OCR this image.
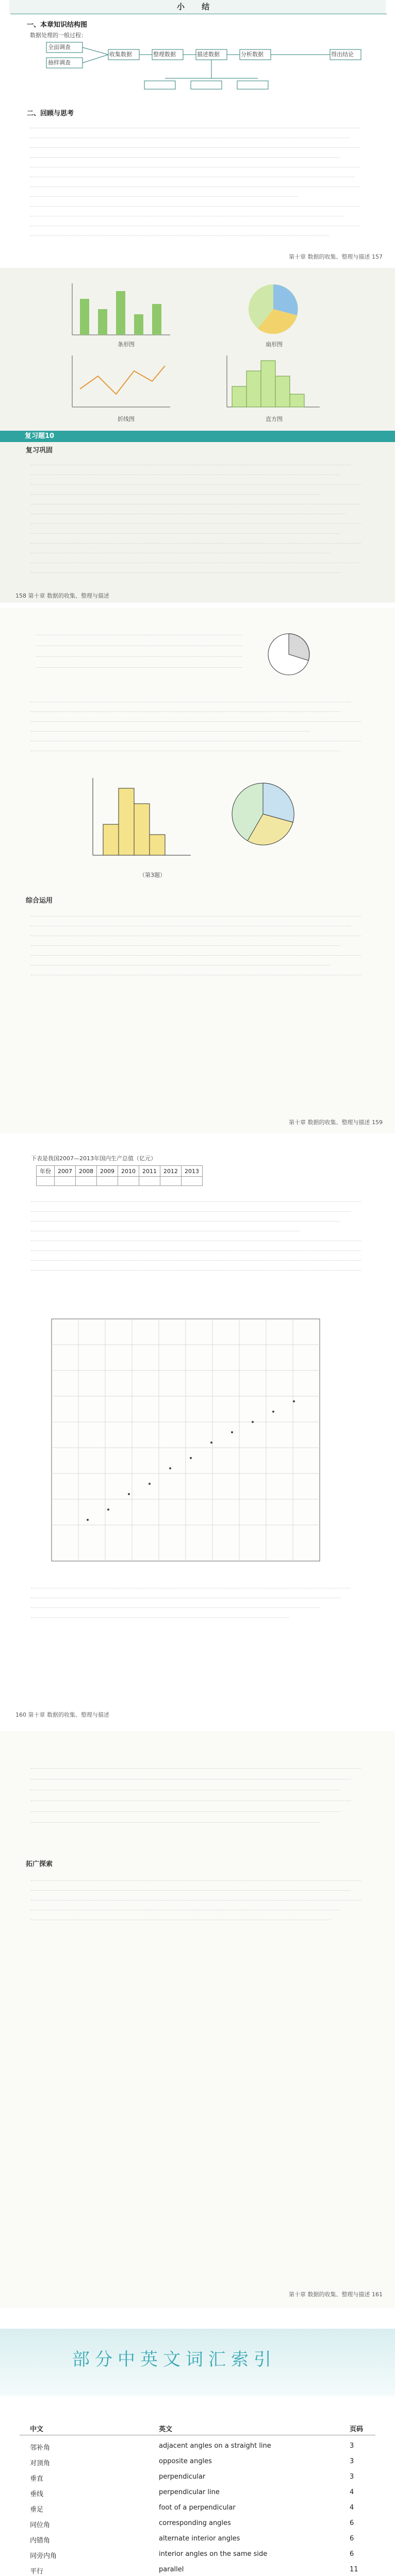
小 结
一、本章知识结构图
数据处理的一般过程：
全面调查
抽样调查
收集数据	整理数据	描述数据	分析数据	得出结论
二、回顾与思考
第十章 数据的收集、整理与描述 157
条形图	扇形图
折线图	直方图
复习题10
复习巩固
158 第十章 数据的收集、整理与描述
（第3题）
综合运用
第十章 数据的收集、整理与描述 159
下表是我国2007—2013年国内生产总值（亿元）
年份	2007	2008	2009	2010	2011	2012	2013

160 第十章 数据的收集、整理与描述
拓广探索
第十章 数据的收集、整理与描述 161
部分中英文词汇索引
中文	英文	页码
邻补角	adjacent angles on a straight line	3
对顶角	opposite angles	3
垂直	perpendicular	3
垂线	perpendicular line	4
垂足	foot of a perpendicular	4
同位角	corresponding angles	6
内错角	alternate interior angles	6
同旁内角	interior angles on the same side	6
平行	parallel	11
